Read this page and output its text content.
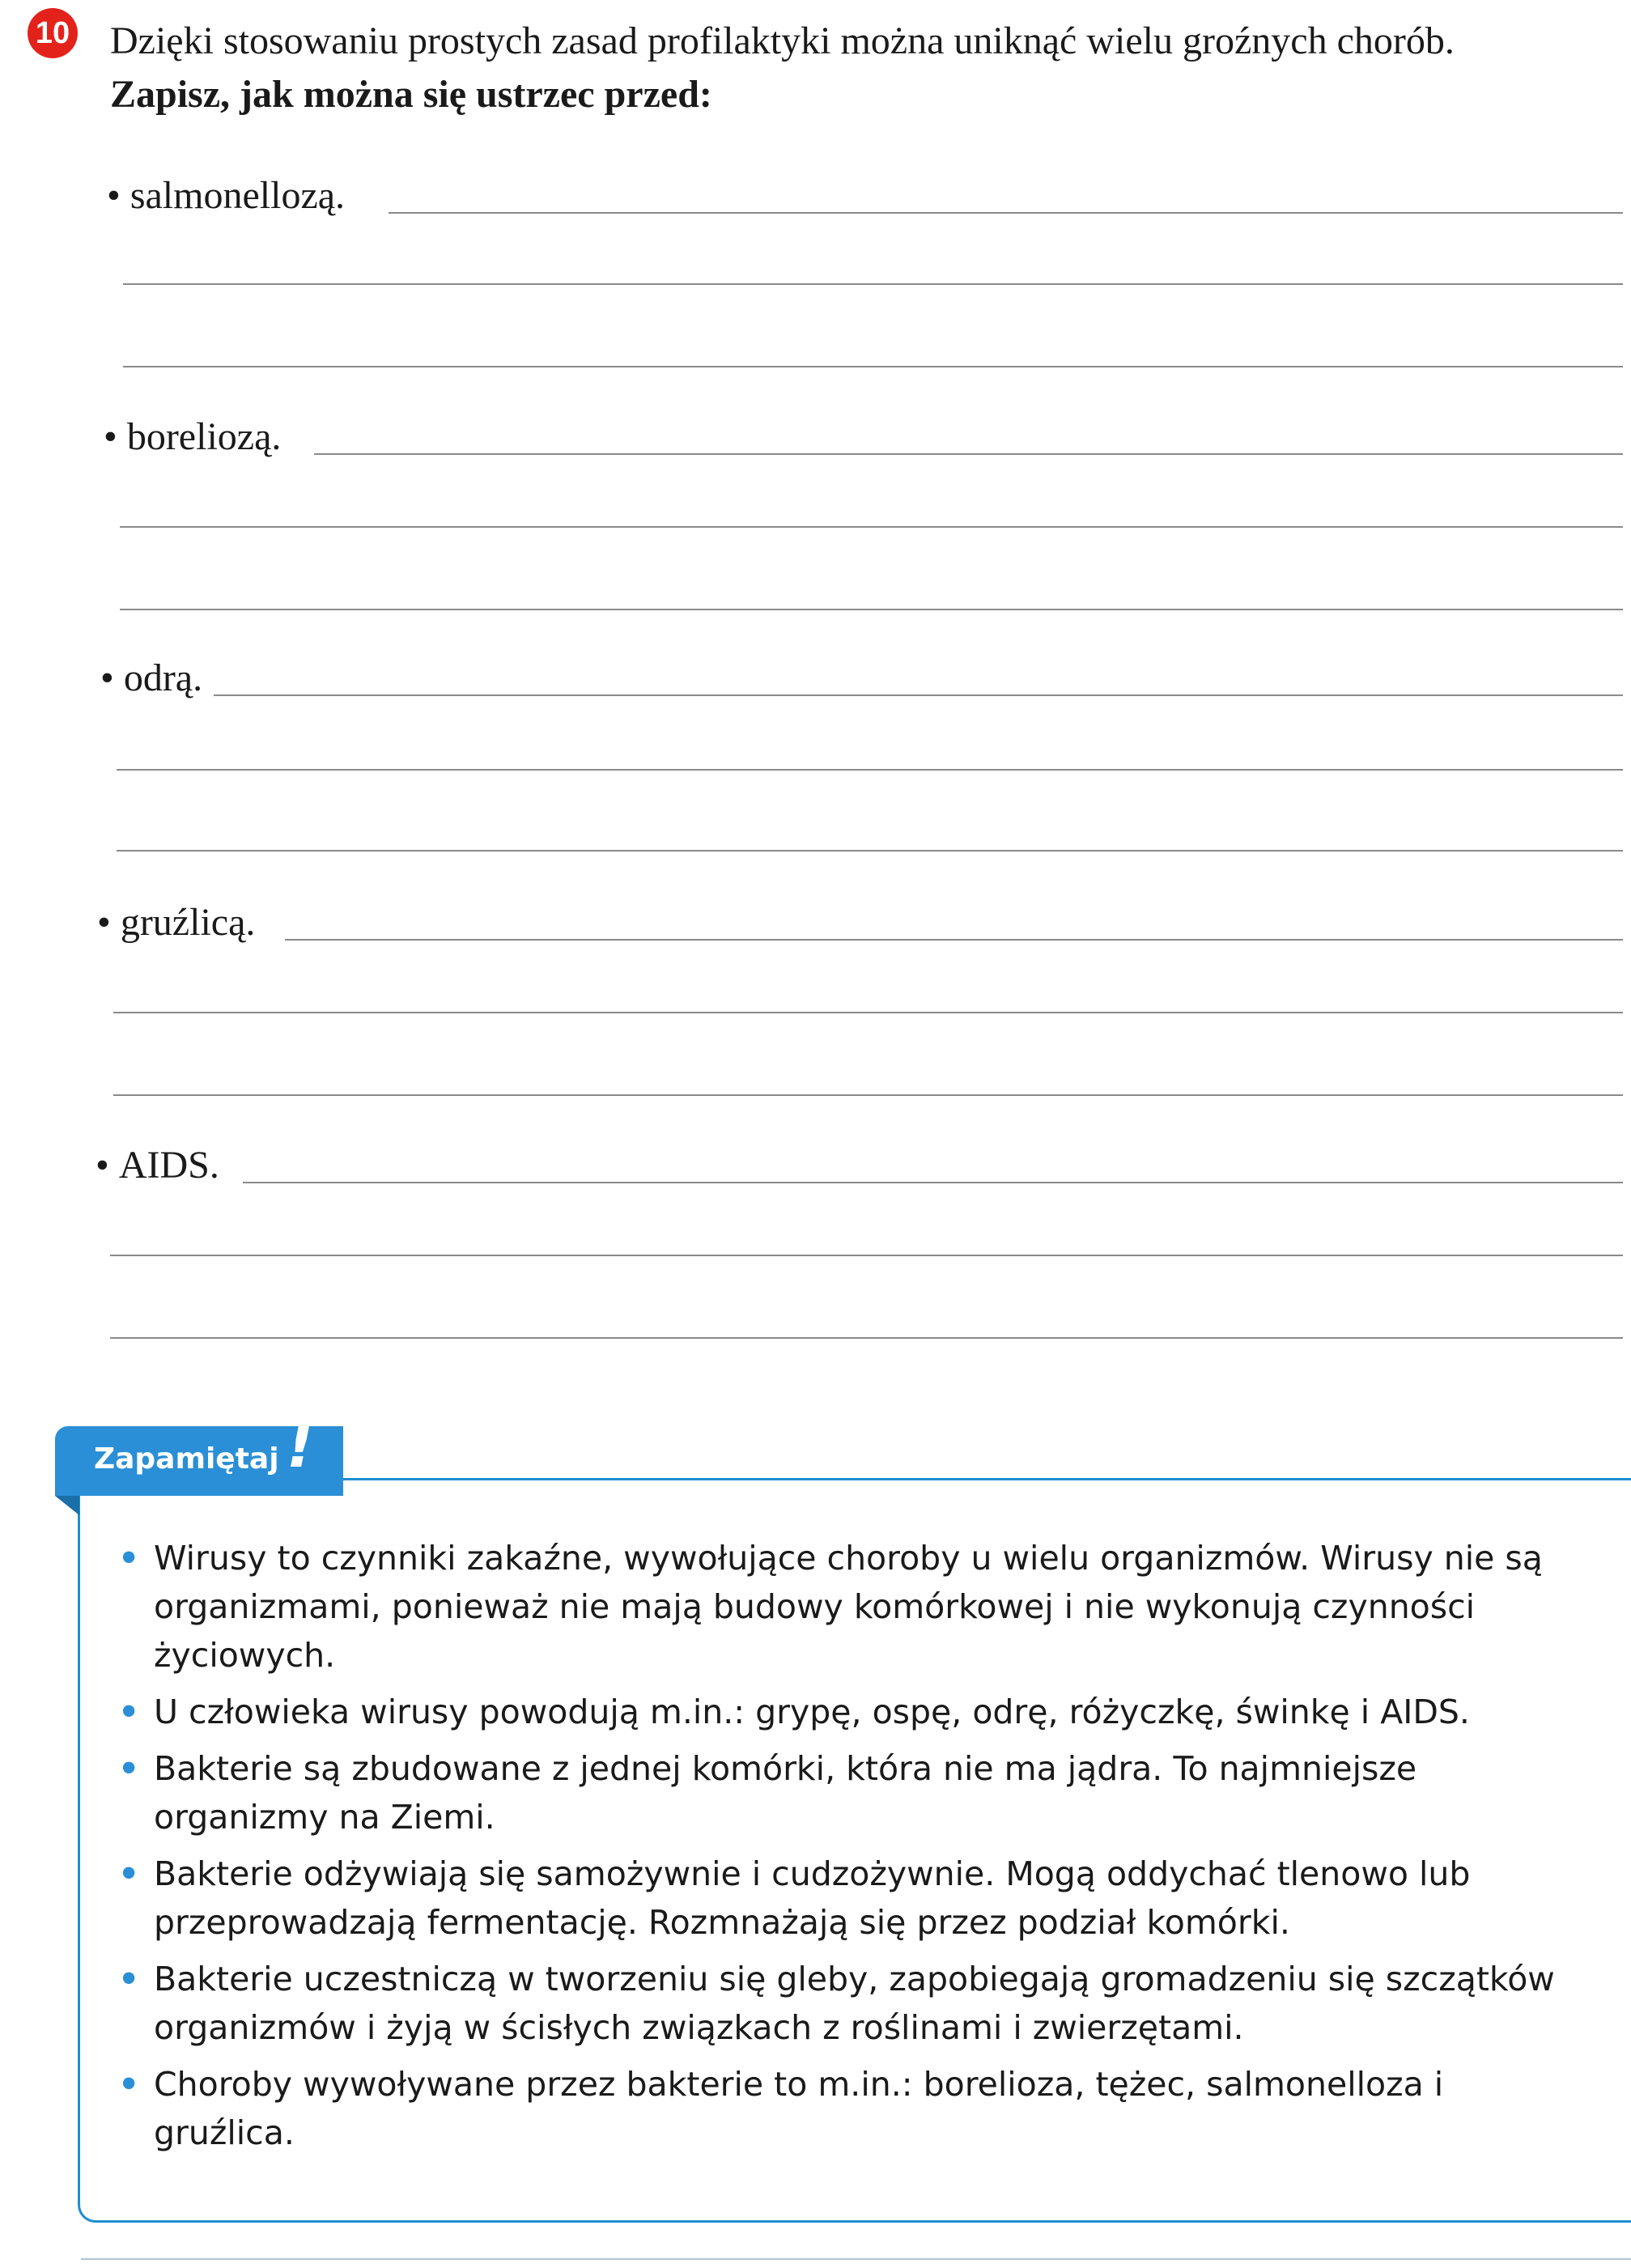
10 Dzięki stosowaniu prostych zasad profilaktyki można uniknąć wielu groźnych chorób.
Zapisz, jak można się ustrzec przed:
• salmonellozą.
• boreliozą.
• odrą.
• gruźlicą.
• AIDS.
Zapamiętaj !
• Wirusy to czynniki zakaźne, wywołujące choroby u wielu organizmów. Wirusy nie są organizmami, ponieważ nie mają budowy komórkowej i nie wykonują czynności życiowych.
• U człowieka wirusy powodują m.in.: grypę, ospę, odrę, różyczkę, świnkę i AIDS.
• Bakterie są zbudowane z jednej komórki, która nie ma jądra. To najmniejsze organizmy na Ziemi.
• Bakterie odżywiają się samożywnie i cudzożywnie. Mogą oddychać tlenowo lub przeprowadzają fermentację. Rozmnażają się przez podział komórki.
• Bakterie uczestniczą w tworzeniu się gleby, zapobiegają gromadzeniu się szczątków organizmów i żyją w ścisłych związkach z roślinami i zwierzętami.
• Choroby wywoływane przez bakterie to m.in.: borelioza, tężec, salmonelloza i gruźlica.
